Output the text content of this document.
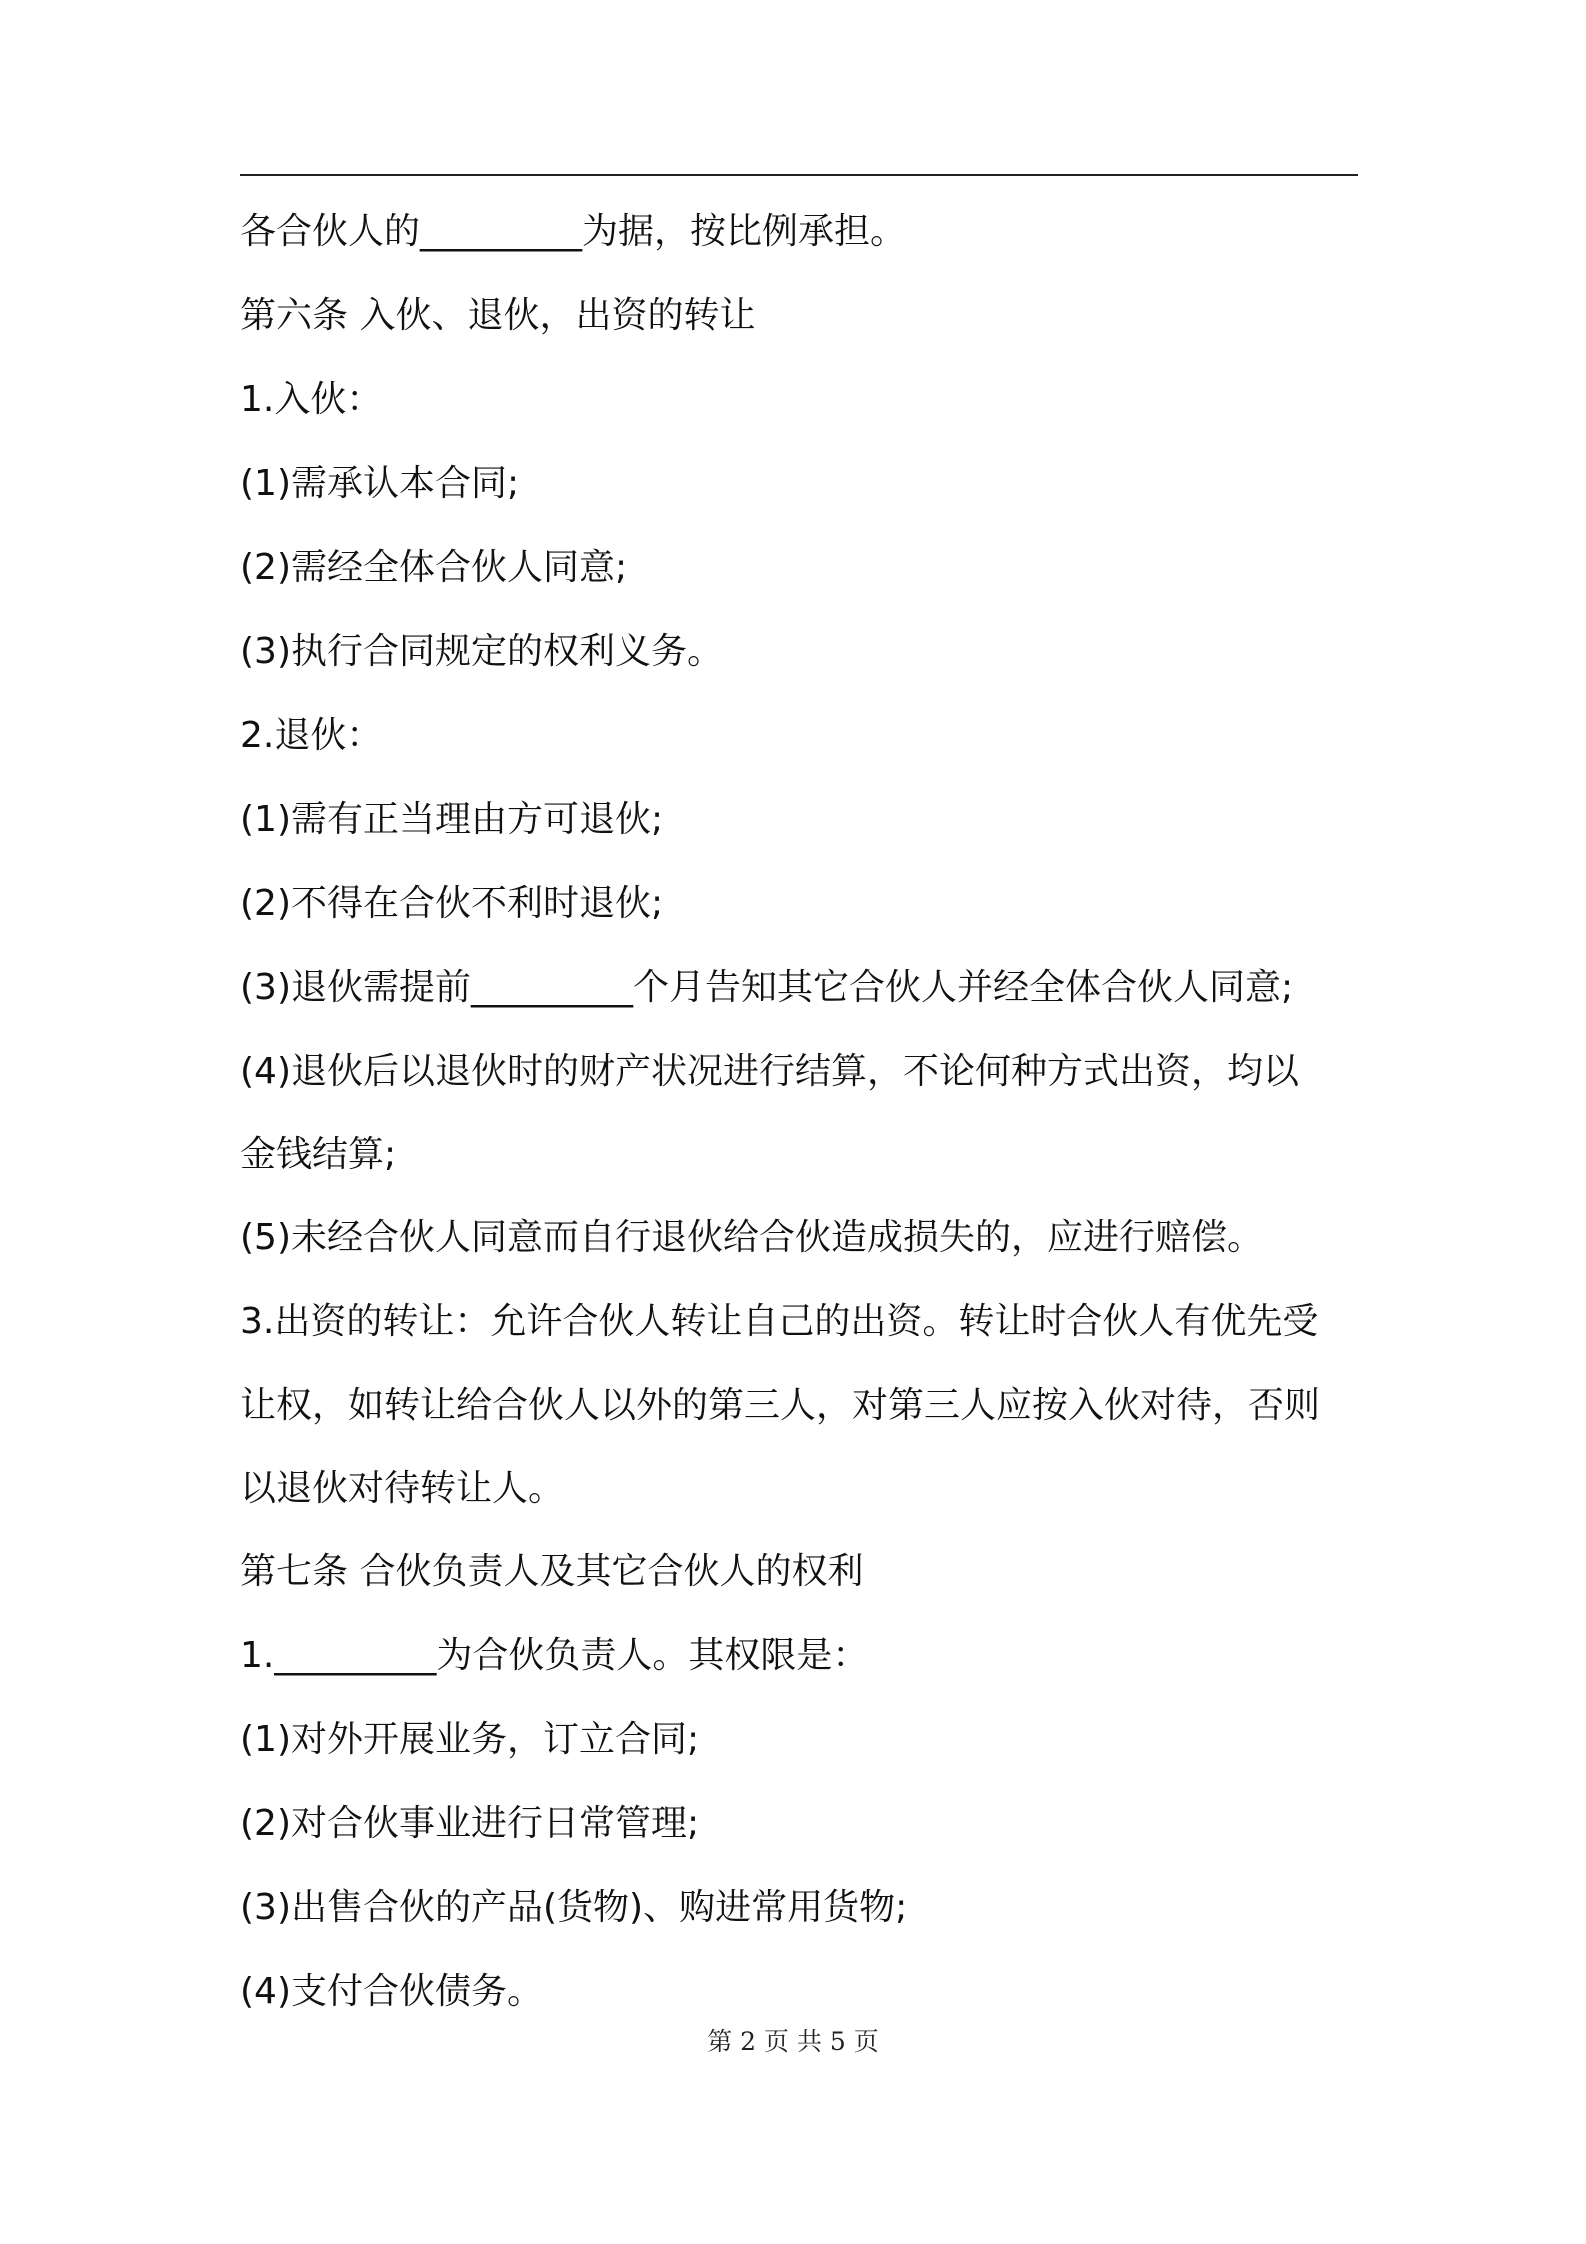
各合伙人的_________为据，按比例承担。
第六条 入伙、退伙，出资的转让
1.入伙：
(1)需承认本合同;
(2)需经全体合伙人同意;
(3)执行合同规定的权利义务。
2.退伙：
(1)需有正当理由方可退伙;
(2)不得在合伙不利时退伙;
(3)退伙需提前_________个月告知其它合伙人并经全体合伙人同意;
(4)退伙后以退伙时的财产状况进行结算，不论何种方式出资，均以
金钱结算;
(5)未经合伙人同意而自行退伙给合伙造成损失的，应进行赔偿。
3.出资的转让：允许合伙人转让自己的出资。转让时合伙人有优先受
让权，如转让给合伙人以外的第三人，对第三人应按入伙对待，否则
以退伙对待转让人。
第七条 合伙负责人及其它合伙人的权利
1._________为合伙负责人。其权限是：
(1)对外开展业务，订立合同;
(2)对合伙事业进行日常管理;
(3)出售合伙的产品(货物)、购进常用货物;
(4)支付合伙债务。
第 2 页 共 5 页
